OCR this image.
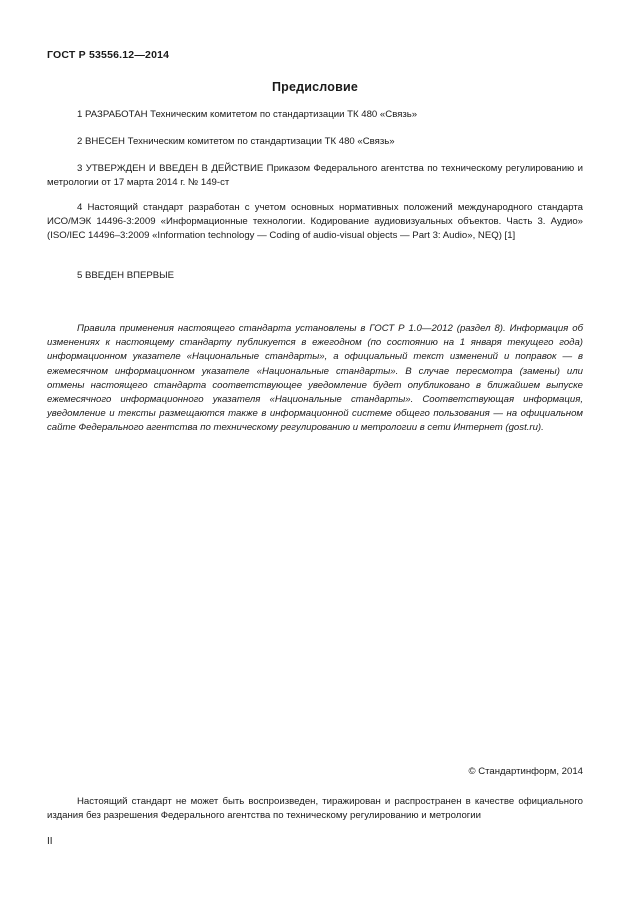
ГОСТ Р 53556.12—2014
Предисловие

1 РАЗРАБОТАН Техническим комитетом по стандартизации ТК 480 «Связь»

2 ВНЕСЕН Техническим комитетом по стандартизации ТК 480 «Связь»

3 УТВЕРЖДЕН И ВВЕДЕН В ДЕЙСТВИЕ Приказом Федерального агентства по техническому регулированию и метрологии от 17 марта 2014 г. № 149-ст

4 Настоящий стандарт разработан с учетом основных нормативных положений международного стандарта ИСО/МЭК 14496-3:2009 «Информационные технологии. Кодирование аудиовизуальных объектов. Часть 3. Аудио» (ISO/IEC 14496–3:2009 «Information technology — Coding of audio-visual objects — Part 3: Audio», NEQ) [1]

5 ВВЕДЕН ВПЕРВЫЕ

Правила применения настоящего стандарта установлены в ГОСТ Р 1.0—2012 (раздел 8). Информация об изменениях к настоящему стандарту публикуется в ежегодном (по состоянию на 1 января текущего года) информационном указателе «Национальные стандарты», а официальный текст изменений и поправок — в ежемесячном информационном указателе «Национальные стандарты». В случае пересмотра (замены) или отмены настоящего стандарта соответствующее уведомление будет опубликовано в ближайшем выпуске ежемесячного информационного указателя «Национальные стандарты». Соответствующая информация, уведомление и тексты размещаются также в информационной системе общего пользования — на официальном сайте Федерального агентства по техническому регулированию и метрологии в сети Интернет (gost.ru).

© Стандартинформ, 2014

Настоящий стандарт не может быть воспроизведен, тиражирован и распространен в качестве официального издания без разрешения Федерального агентства по техническому регулированию и метрологии

II
